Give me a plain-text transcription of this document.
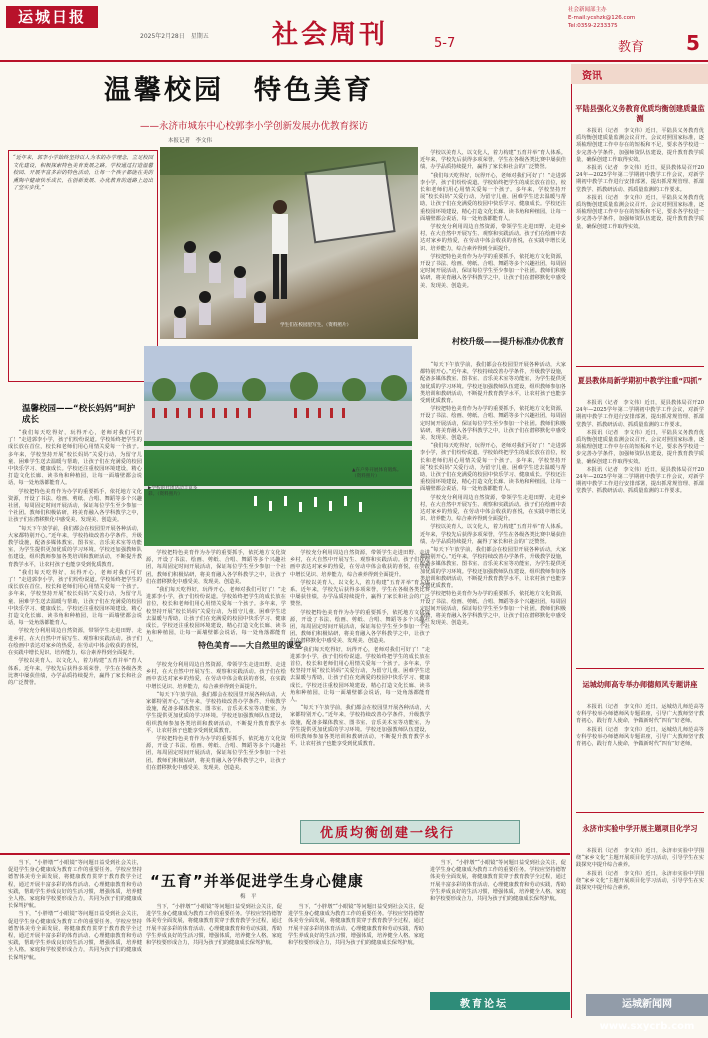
运城日报
2025年2月28日　星期五 社会周刊	5-7
社会新闻部主办
E-mail:ycshzk@126.com
Tel:0359-2233375
教育 5
温馨校园　特色美育
——永济市城东中心校郭李小学创新发展办优教育探访
本报记者　李文伟
“近年来，郭李小学始终坚持以人为本的办学理念，立足校园文化建设，积极探索特色美育发展之路。学校通过打造温馨校园、开展丰富多彩的特色活动，让每一个孩子都能在美的熏陶中健康快乐成长，在创新发展、办优教育的道路上迈出了坚实步伐。”
学生们在校园里写生。（资料照片）
▲在户外开展体育锻炼。（资料照片）
▶学校的社团活动丰富多彩。（资料照片）
温馨校园——“校长妈妈”呵护成长

“我们每天吃得好，玩得开心，老师对我们可好了！”走进郭李小学，孩子们纷纷说道。学校始终把学生的成长放在首位，校长和老师们用心用情关爱每一个孩子。多年来，学校坚持开展“校长妈妈”关爱行动，为留守儿童、困难学生送去温暖与帮助，让孩子们在充满爱的校园中快乐学习、健康成长。学校还注重校园环境建设，精心打造文化长廊、读书角和种植园，让每一面墙壁都会说话，每一处角落都能育人。

学校把特色美育作为办学的重要抓手，依托地方文化资源，开设了书法、绘画、剪纸、合唱、舞蹈等多个兴趣社团，每周固定时间开展活动，保证每位学生至少参加一个社团。教师们积极钻研，将美育融入各学科教学之中，让孩子们在潜移默化中感受美、发现美、创造美。

“每天下午放学前，我们都会在校园里开展各种活动，大家都特别开心。”近年来，学校持续改善办学条件，升级教学设施，配备多媒体教室、图书室、音乐美术室等功能室，为学生提供更加优质的学习环境。学校还加强教师队伍建设，组织教师参加各类培训和教研活动，不断提升教育教学水平，让农村孩子也能享受到优质教育。

“我们每天吃得好，玩得开心，老师对我们可好了！”走进郭李小学，孩子们纷纷说道。学校始终把学生的成长放在首位，校长和老师们用心用情关爱每一个孩子。多年来，学校坚持开展“校长妈妈”关爱行动，为留守儿童、困难学生送去温暖与帮助，让孩子们在充满爱的校园中快乐学习、健康成长。学校还注重校园环境建设，精心打造文化长廊、读书角和种植园，让每一面墙壁都会说话，每一处角落都能育人。

学校充分利用周边自然资源，带领学生走进田野、走进乡村，在大自然中开展写生、观察和实践活动。孩子们在绘画中表达对家乡的热爱，在劳动中体会收获的喜悦，在实践中增长见识、培养能力，综合素养得到全面提升。

学校以美育人、以文化人，着力构建“五育并举”育人体系。近年来，学校先后获得多项荣誉，学生在各级各类比赛中屡获佳绩，办学品质持续提升，赢得了家长和社会的广泛赞誉。

学校把特色美育作为办学的重要抓手，依托地方文化资源，开设了书法、绘画、剪纸、合唱、舞蹈等多个兴趣社团，每周固定时间开展活动，保证每位学生至少参加一个社团。教师们积极钻研，将美育融入各学科教学之中，让孩子们在潜移默化中感受美、发现美、创造美。

“我们每天吃得好，玩得开心，老师对我们可好了！”走进郭李小学，孩子们纷纷说道。学校始终把学生的成长放在首位，校长和老师们用心用情关爱每一个孩子。多年来，学校坚持开展“校长妈妈”关爱行动，为留守儿童、困难学生送去温暖与帮助，让孩子们在充满爱的校园中快乐学习、健康成长。学校还注重校园环境建设，精心打造文化长廊、读书角和种植园，让每一面墙壁都会说话，每一处角落都能育人。

学校充分利用周边自然资源，带领学生走进田野、走进乡村，在大自然中开展写生、观察和实践活动。孩子们在绘画中表达对家乡的热爱，在劳动中体会收获的喜悦，在实践中增长见识、培养能力，综合素养得到全面提升。

学校以美育人、以文化人，着力构建“五育并举”育人体系。近年来，学校先后获得多项荣誉，学生在各级各类比赛中屡获佳绩，办学品质持续提升，赢得了家长和社会的广泛赞誉。

学校把特色美育作为办学的重要抓手，依托地方文化资源，开设了书法、绘画、剪纸、合唱、舞蹈等多个兴趣社团，每周固定时间开展活动，保证每位学生至少参加一个社团。教师们积极钻研，将美育融入各学科教学之中，让孩子们在潜移默化中感受美、发现美、创造美。

“我们每天吃得好，玩得开心，老师对我们可好了！”走进郭李小学，孩子们纷纷说道。学校始终把学生的成长放在首位，校长和老师们用心用情关爱每一个孩子。多年来，学校坚持开展“校长妈妈”关爱行动，为留守儿童、困难学生送去温暖与帮助，让孩子们在充满爱的校园中快乐学习、健康成长。学校还注重校园环境建设，精心打造文化长廊、读书角和种植园，让每一面墙壁都会说话，每一处角落都能育人。

“每天下午放学前，我们都会在校园里开展各种活动，大家都特别开心。”近年来，学校持续改善办学条件，升级教学设施，配备多媒体教室、图书室、音乐美术室等功能室，为学生提供更加优质的学习环境。学校还加强教师队伍建设，组织教师参加各类培训和教研活动，不断提升教育教学水平，让农村孩子也能享受到优质教育。

特色美育——大自然里的课堂

学校充分利用周边自然资源，带领学生走进田野、走进乡村，在大自然中开展写生、观察和实践活动。孩子们在绘画中表达对家乡的热爱，在劳动中体会收获的喜悦，在实践中增长见识、培养能力，综合素养得到全面提升。

“每天下午放学前，我们都会在校园里开展各种活动，大家都特别开心。”近年来，学校持续改善办学条件，升级教学设施，配备多媒体教室、图书室、音乐美术室等功能室，为学生提供更加优质的学习环境。学校还加强教师队伍建设，组织教师参加各类培训和教研活动，不断提升教育教学水平，让农村孩子也能享受到优质教育。

学校把特色美育作为办学的重要抓手，依托地方文化资源，开设了书法、绘画、剪纸、合唱、舞蹈等多个兴趣社团，每周固定时间开展活动，保证每位学生至少参加一个社团。教师们积极钻研，将美育融入各学科教学之中，让孩子们在潜移默化中感受美、发现美、创造美。

学校以美育人、以文化人，着力构建“五育并举”育人体系。近年来，学校先后获得多项荣誉，学生在各级各类比赛中屡获佳绩，办学品质持续提升，赢得了家长和社会的广泛赞誉。

“我们每天吃得好，玩得开心，老师对我们可好了！”走进郭李小学，孩子们纷纷说道。学校始终把学生的成长放在首位，校长和老师们用心用情关爱每一个孩子。多年来，学校坚持开展“校长妈妈”关爱行动，为留守儿童、困难学生送去温暖与帮助，让孩子们在充满爱的校园中快乐学习、健康成长。学校还注重校园环境建设，精心打造文化长廊、读书角和种植园，让每一面墙壁都会说话，每一处角落都能育人。

学校充分利用周边自然资源，带领学生走进田野、走进乡村，在大自然中开展写生、观察和实践活动。孩子们在绘画中表达对家乡的热爱，在劳动中体会收获的喜悦，在实践中增长见识、培养能力，综合素养得到全面提升。

学校把特色美育作为办学的重要抓手，依托地方文化资源，开设了书法、绘画、剪纸、合唱、舞蹈等多个兴趣社团，每周固定时间开展活动，保证每位学生至少参加一个社团。教师们积极钻研，将美育融入各学科教学之中，让孩子们在潜移默化中感受美、发现美、创造美。

村校升级——提升标准办优教育

“每天下午放学前，我们都会在校园里开展各种活动，大家都特别开心。”近年来，学校持续改善办学条件，升级教学设施，配备多媒体教室、图书室、音乐美术室等功能室，为学生提供更加优质的学习环境。学校还加强教师队伍建设，组织教师参加各类培训和教研活动，不断提升教育教学水平，让农村孩子也能享受到优质教育。

学校把特色美育作为办学的重要抓手，依托地方文化资源，开设了书法、绘画、剪纸、合唱、舞蹈等多个兴趣社团，每周固定时间开展活动，保证每位学生至少参加一个社团。教师们积极钻研，将美育融入各学科教学之中，让孩子们在潜移默化中感受美、发现美、创造美。

“我们每天吃得好，玩得开心，老师对我们可好了！”走进郭李小学，孩子们纷纷说道。学校始终把学生的成长放在首位，校长和老师们用心用情关爱每一个孩子。多年来，学校坚持开展“校长妈妈”关爱行动，为留守儿童、困难学生送去温暖与帮助，让孩子们在充满爱的校园中快乐学习、健康成长。学校还注重校园环境建设，精心打造文化长廊、读书角和种植园，让每一面墙壁都会说话，每一处角落都能育人。

学校充分利用周边自然资源，带领学生走进田野、走进乡村，在大自然中开展写生、观察和实践活动。孩子们在绘画中表达对家乡的热爱，在劳动中体会收获的喜悦，在实践中增长见识、培养能力，综合素养得到全面提升。

学校以美育人、以文化人，着力构建“五育并举”育人体系。近年来，学校先后获得多项荣誉，学生在各级各类比赛中屡获佳绩，办学品质持续提升，赢得了家长和社会的广泛赞誉。

“每天下午放学前，我们都会在校园里开展各种活动，大家都特别开心。”近年来，学校持续改善办学条件，升级教学设施，配备多媒体教室、图书室、音乐美术室等功能室，为学生提供更加优质的学习环境。学校还加强教师队伍建设，组织教师参加各类培训和教研活动，不断提升教育教学水平，让农村孩子也能享受到优质教育。

学校把特色美育作为办学的重要抓手，依托地方文化资源，开设了书法、绘画、剪纸、合唱、舞蹈等多个兴趣社团，每周固定时间开展活动，保证每位学生至少参加一个社团。教师们积极钻研，将美育融入各学科教学之中，让孩子们在潜移默化中感受美、发现美、创造美。

优质均衡创建一线行
“五育”并举促进学生身心健康
梅　平

当下，“小胖墩”“小眼镜”等问题日益受到社会关注，促进学生身心健康成为教育工作的重要任务。学校应坚持德智体美劳全面发展，将健康教育贯穿于教育教学全过程，通过开展丰富多彩的体育活动、心理健康教育和劳动实践，帮助学生养成良好的生活习惯，增强体质，培养健全人格。家庭和学校要形成合力，共同为孩子们的健康成长保驾护航。

当下，“小胖墩”“小眼镜”等问题日益受到社会关注，促进学生身心健康成为教育工作的重要任务。学校应坚持德智体美劳全面发展，将健康教育贯穿于教育教学全过程，通过开展丰富多彩的体育活动、心理健康教育和劳动实践，帮助学生养成良好的生活习惯，增强体质，培养健全人格。家庭和学校要形成合力，共同为孩子们的健康成长保驾护航。

当下，“小胖墩”“小眼镜”等问题日益受到社会关注，促进学生身心健康成为教育工作的重要任务。学校应坚持德智体美劳全面发展，将健康教育贯穿于教育教学全过程，通过开展丰富多彩的体育活动、心理健康教育和劳动实践，帮助学生养成良好的生活习惯，增强体质，培养健全人格。家庭和学校要形成合力，共同为孩子们的健康成长保驾护航。

当下，“小胖墩”“小眼镜”等问题日益受到社会关注，促进学生身心健康成为教育工作的重要任务。学校应坚持德智体美劳全面发展，将健康教育贯穿于教育教学全过程，通过开展丰富多彩的体育活动、心理健康教育和劳动实践，帮助学生养成良好的生活习惯，增强体质，培养健全人格。家庭和学校要形成合力，共同为孩子们的健康成长保驾护航。

当下，“小胖墩”“小眼镜”等问题日益受到社会关注，促进学生身心健康成为教育工作的重要任务。学校应坚持德智体美劳全面发展，将健康教育贯穿于教育教学全过程，通过开展丰富多彩的体育活动、心理健康教育和劳动实践，帮助学生养成良好的生活习惯，增强体质，培养健全人格。家庭和学校要形成合力，共同为孩子们的健康成长保驾护航。

教育论坛
资讯
平陆县强化义务教育优质均衡创建质量监测

本报讯（记者　李文伟）近日，平陆县义务教育优质均衡创建质量监测会议召开。会议对照国家标准，逐项梳理创建工作中存在的短板和不足，要求各学校进一步完善办学条件，加强师资队伍建设，提升教育教学质量，确保创建工作取得实效。

本报讯（记者　李文伟）近日，夏县教体局召开2024年—2025学年第二学期初中教学工作会议，对新学期初中教学工作进行安排部署，提出抓常规管理、抓课堂教学、抓教研活动、抓质量监测的工作要求。

本报讯（记者　李文伟）近日，平陆县义务教育优质均衡创建质量监测会议召开。会议对照国家标准，逐项梳理创建工作中存在的短板和不足，要求各学校进一步完善办学条件，加强师资队伍建设，提升教育教学质量，确保创建工作取得实效。

夏县教体局新学期初中教学注重“四抓”

本报讯（记者　李文伟）近日，夏县教体局召开2024年—2025学年第二学期初中教学工作会议，对新学期初中教学工作进行安排部署，提出抓常规管理、抓课堂教学、抓教研活动、抓质量监测的工作要求。

本报讯（记者　李文伟）近日，平陆县义务教育优质均衡创建质量监测会议召开。会议对照国家标准，逐项梳理创建工作中存在的短板和不足，要求各学校进一步完善办学条件，加强师资队伍建设，提升教育教学质量，确保创建工作取得实效。

本报讯（记者　李文伟）近日，夏县教体局召开2024年—2025学年第二学期初中教学工作会议，对新学期初中教学工作进行安排部署，提出抓常规管理、抓课堂教学、抓教研活动、抓质量监测的工作要求。

运城幼师高专举办师德师风专题讲座

本报讯（记者　李文伟）近日，运城幼儿师范高等专科学校举办师德师风专题讲座，引导广大教师坚守教育初心，践行育人使命，争做新时代“四有”好老师。

本报讯（记者　李文伟）近日，运城幼儿师范高等专科学校举办师德师风专题讲座，引导广大教师坚守教育初心，践行育人使命，争做新时代“四有”好老师。

永济市实验中学开展主题项目化学习

本报讯（记者　李文伟）近日，永济市实验中学围绕“家乡文化”主题开展项目化学习活动，引导学生在实践探究中提升综合素养。

本报讯（记者　李文伟）近日，永济市实验中学围绕“家乡文化”主题开展项目化学习活动，引导学生在实践探究中提升综合素养。

运城新闻网 www.sxycrb.com
